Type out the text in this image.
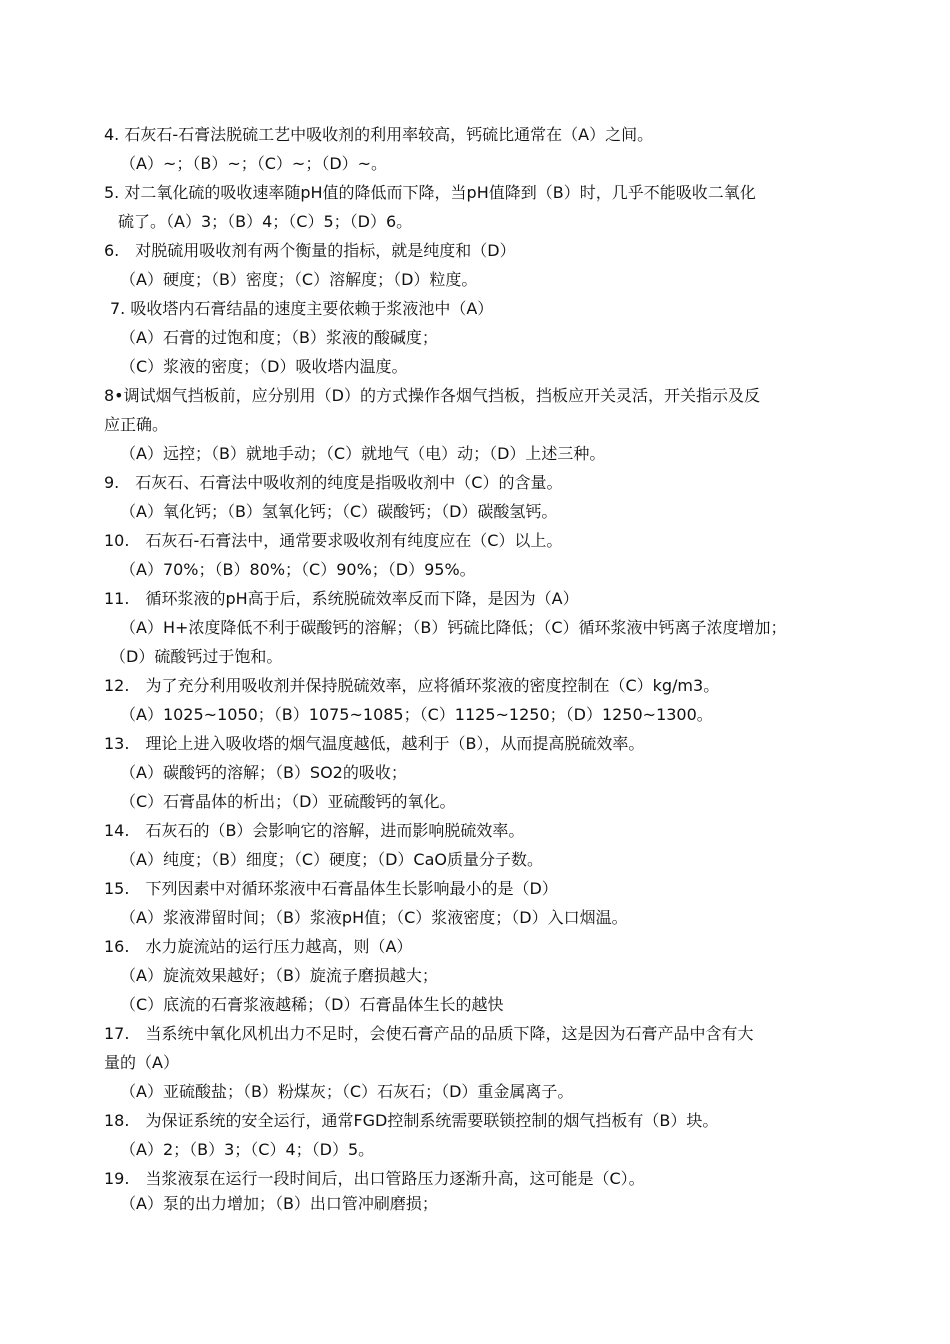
4. 石灰石-石膏法脱硫工艺中吸收剂的利用率较高，钙硫比通常在（A）之间。
（A）~；（B）~；（C）~；（D）~。
5. 对二氧化硫的吸收速率随pH值的降低而下降，当pH值降到（B）时，几乎不能吸收二氧化
硫了。（A）3；（B）4；（C）5；（D）6。
6.　对脱硫用吸收剂有两个衡量的指标，就是纯度和（D）
（A）硬度；（B）密度；（C）溶解度；（D）粒度。
7. 吸收塔内石膏结晶的速度主要依赖于浆液池中（A）
（A）石膏的过饱和度；（B）浆液的酸碱度；
（C）浆液的密度；（D）吸收塔内温度。
8•调试烟气挡板前，应分别用（D）的方式操作各烟气挡板，挡板应开关灵活，开关指示及反
应正确。
（A）远控；（B）就地手动；（C）就地气（电）动；（D）上述三种。
9.　石灰石、石膏法中吸收剂的纯度是指吸收剂中（C）的含量。
（A）氧化钙；（B）氢氧化钙；（C）碳酸钙；（D）碳酸氢钙。
10.　石灰石-石膏法中，通常要求吸收剂有纯度应在（C）以上。
（A）70%；（B）80%；（C）90%；（D）95%。
11.　循环浆液的pH高于后，系统脱硫效率反而下降，是因为（A）
（A）H+浓度降低不利于碳酸钙的溶解；（B）钙硫比降低；（C）循环浆液中钙离子浓度增加；
（D）硫酸钙过于饱和。
12.　为了充分利用吸收剂并保持脱硫效率，应将循环浆液的密度控制在（C）kg/m3。
（A）1025~1050；（B）1075~1085；（C）1125~1250；（D）1250~1300。
13.　理论上进入吸收塔的烟气温度越低，越利于（B），从而提高脱硫效率。
（A）碳酸钙的溶解；（B）SO2的吸收；
（C）石膏晶体的析出；（D）亚硫酸钙的氧化。
14.　石灰石的（B）会影响它的溶解，进而影响脱硫效率。
（A）纯度；（B）细度；（C）硬度；（D）CaO质量分子数。
15.　下列因素中对循环浆液中石膏晶体生长影响最小的是（D）
（A）浆液滞留时间；（B）浆液pH值；（C）浆液密度；（D）入口烟温。
16.　水力旋流站的运行压力越高，则（A）
（A）旋流效果越好；（B）旋流子磨损越大；
（C）底流的石膏浆液越稀；（D）石膏晶体生长的越快
17.　当系统中氧化风机出力不足时，会使石膏产品的品质下降，这是因为石膏产品中含有大
量的（A）
（A）亚硫酸盐；（B）粉煤灰；（C）石灰石；（D）重金属离子。
18.　为保证系统的安全运行，通常FGD控制系统需要联锁控制的烟气挡板有（B）块。
（A）2；（B）3；（C）4；（D）5。
19.　当浆液泵在运行一段时间后，出口管路压力逐渐升高，这可能是（C）。
（A）泵的出力增加；（B）出口管冲刷磨损；
